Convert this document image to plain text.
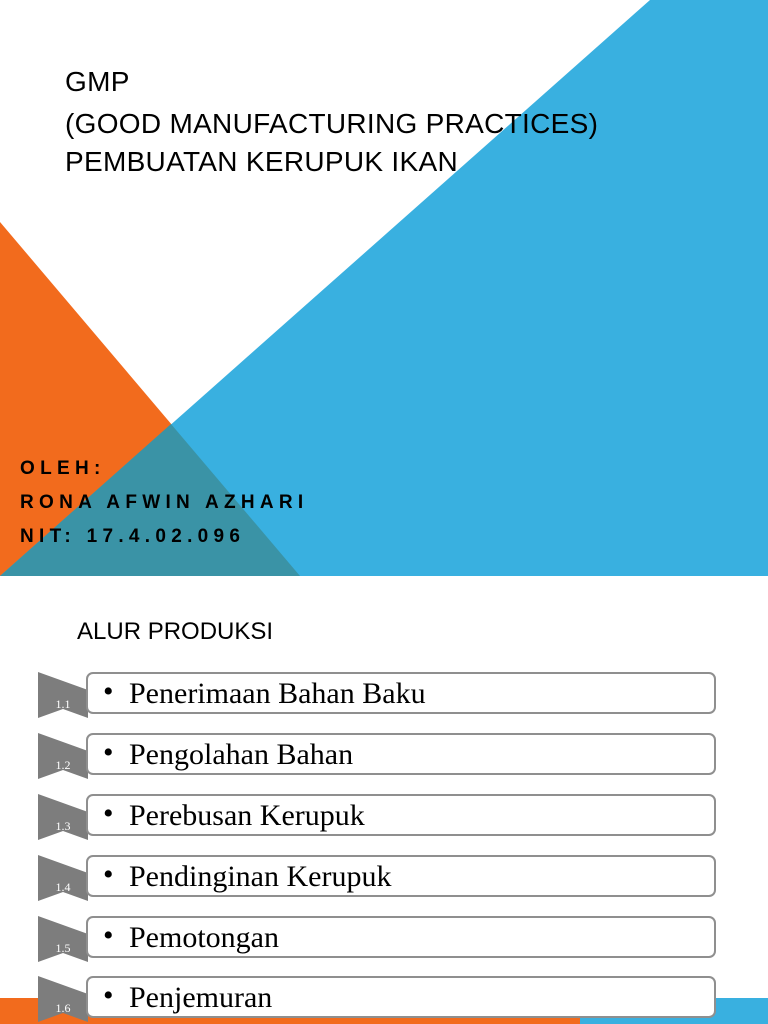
GMP
(GOOD MANUFACTURING PRACTICES)
PEMBUATAN KERUPUK IKAN
OLEH:
RONA AFWIN AZHARI
NIT: 17.4.02.096
ALUR PRODUKSI
1.1	• Penerimaan Bahan Baku
1.2	• Pengolahan Bahan
1.3	• Perebusan Kerupuk
1.4	• Pendinginan Kerupuk
1.5	• Pemotongan
1.6	• Penjemuran
